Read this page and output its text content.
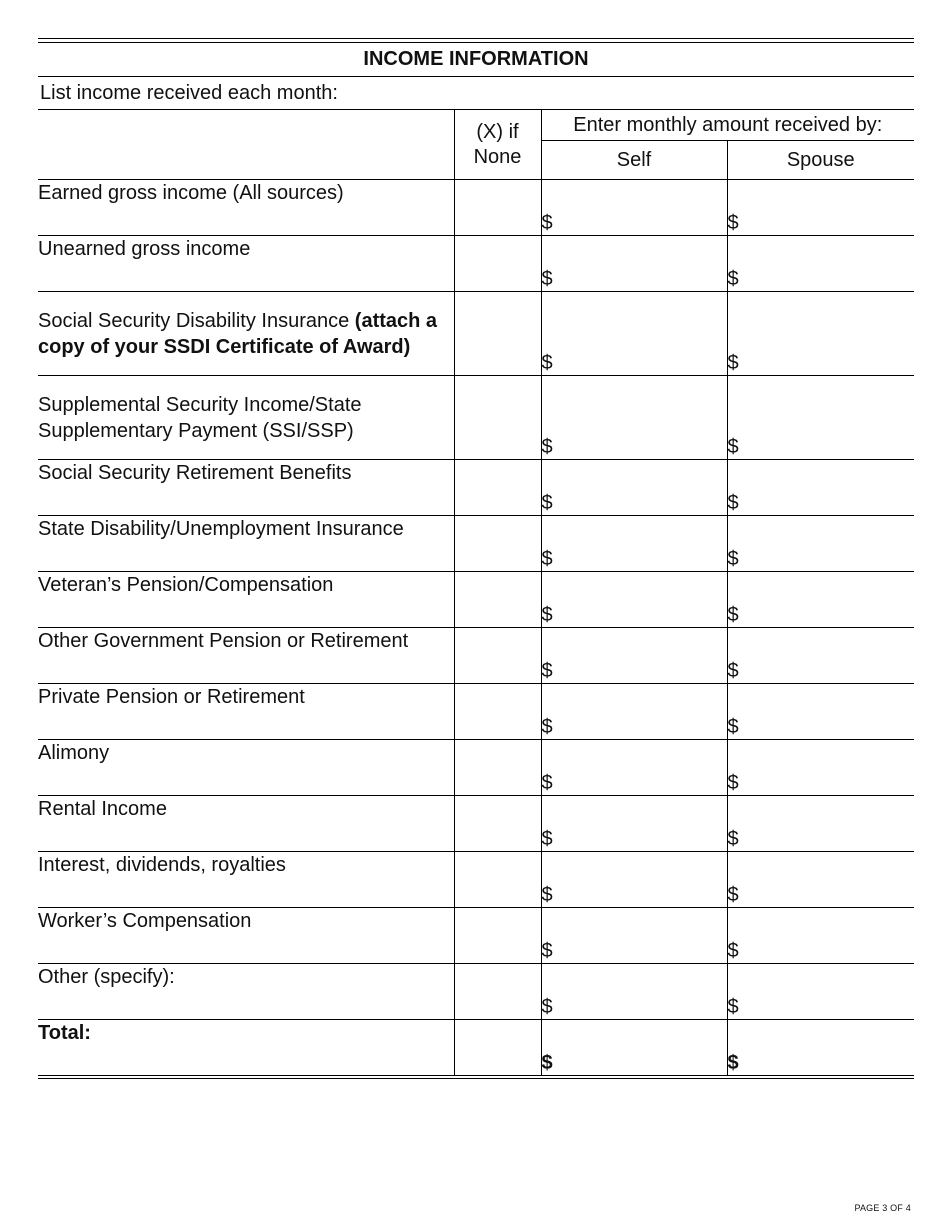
INCOME INFORMATION
List income received each month:
	(X) if None	Enter monthly amount received by:	
		Self	Spouse
Earned gross income (All sources)		$	$
Unearned gross income		$	$
Social Security Disability Insurance (attach a copy of your SSDI Certificate of Award)		$	$
Supplemental Security Income/State Supplementary Payment (SSI/SSP)		$	$
Social Security Retirement Benefits		$	$
State Disability/Unemployment Insurance		$	$
Veteran’s Pension/Compensation		$	$
Other Government Pension or Retirement		$	$
Private Pension or Retirement		$	$
Alimony		$	$
Rental Income		$	$
Interest, dividends, royalties		$	$
Worker’s Compensation		$	$
Other (specify):		$	$
Total:		$	$
PAGE 3 OF 4
